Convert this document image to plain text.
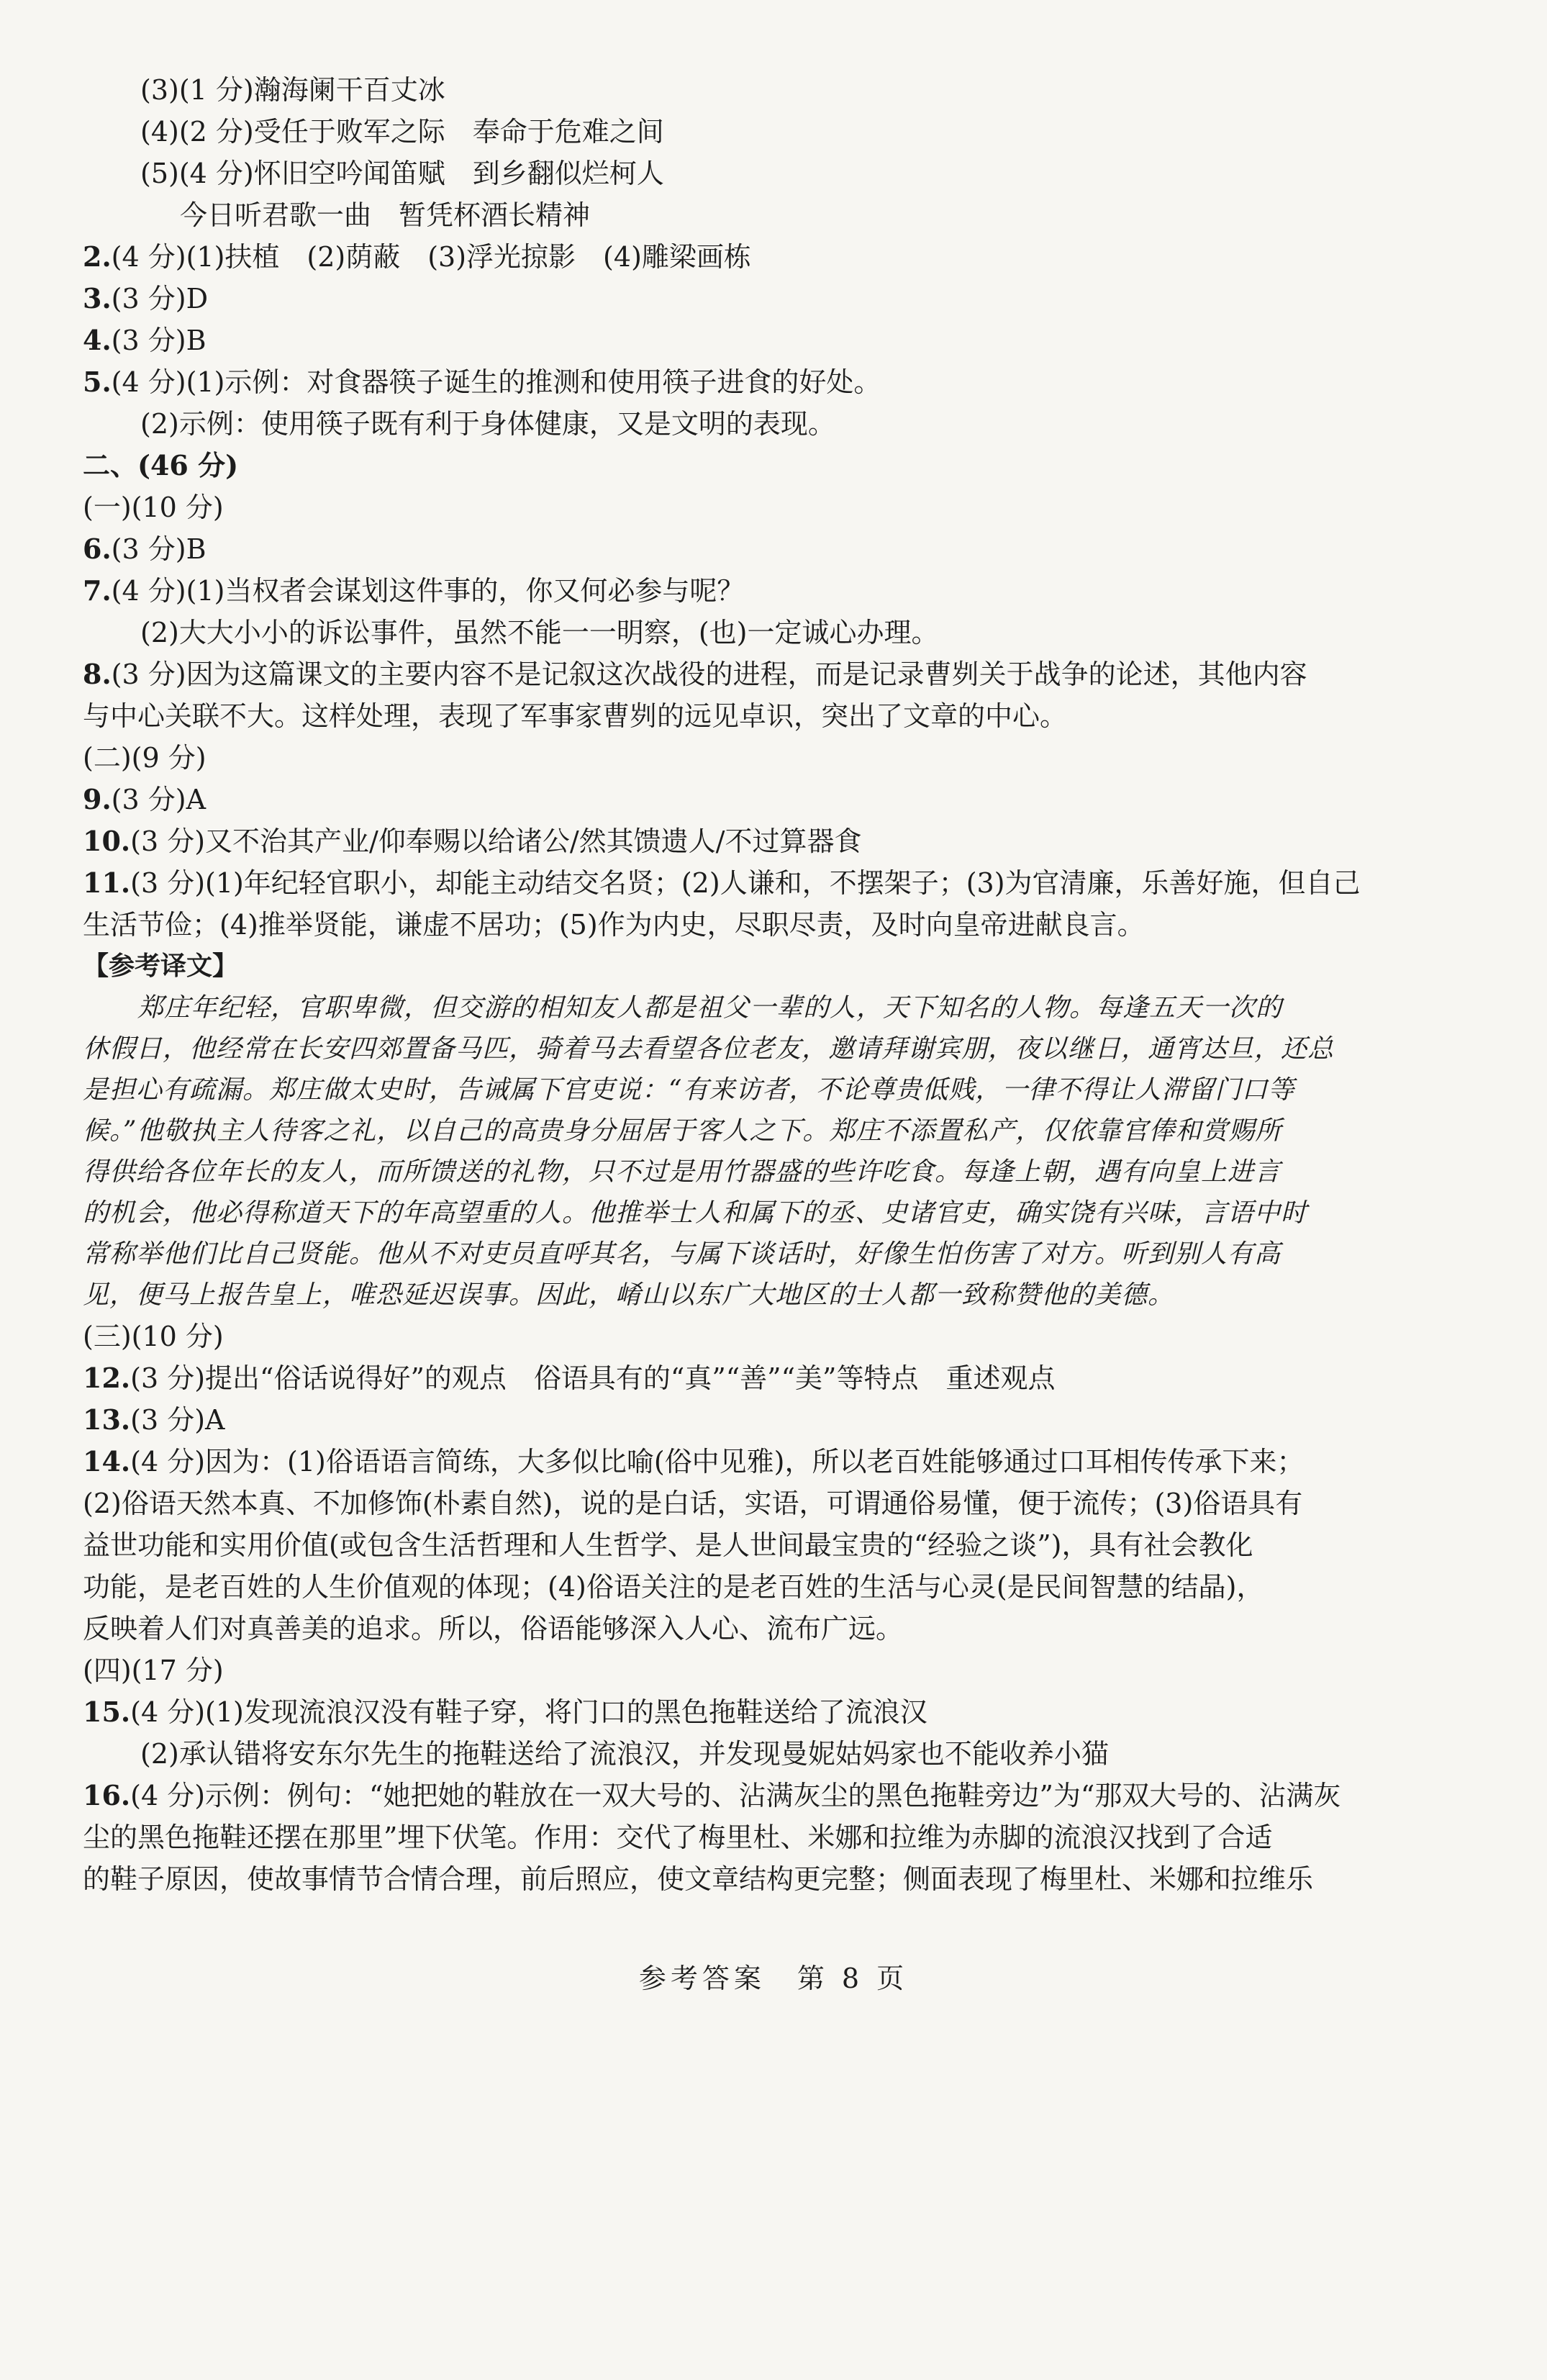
(3)(1 分)瀚海阑干百丈冰
(4)(2 分)受任于败军之际　奉命于危难之间
(5)(4 分)怀旧空吟闻笛赋　到乡翻似烂柯人
今日听君歌一曲　暂凭杯酒长精神
2.(4 分)(1)扶植　(2)荫蔽　(3)浮光掠影　(4)雕梁画栋
3.(3 分)D
4.(3 分)B
5.(4 分)(1)示例：对食器筷子诞生的推测和使用筷子进食的好处。
(2)示例：使用筷子既有利于身体健康，又是文明的表现。
二、(46 分)
(一)(10 分)
6.(3 分)B
7.(4 分)(1)当权者会谋划这件事的，你又何必参与呢？
(2)大大小小的诉讼事件，虽然不能一一明察，(也)一定诚心办理。
8.(3 分)因为这篇课文的主要内容不是记叙这次战役的进程，而是记录曹刿关于战争的论述，其他内容
与中心关联不大。这样处理，表现了军事家曹刿的远见卓识，突出了文章的中心。
(二)(9 分)
9.(3 分)A
10.(3 分)又不治其产业/仰奉赐以给诸公/然其馈遗人/不过算器食
11.(3 分)(1)年纪轻官职小，却能主动结交名贤；(2)人谦和，不摆架子；(3)为官清廉，乐善好施，但自己
生活节俭；(4)推举贤能，谦虚不居功；(5)作为内史，尽职尽责，及时向皇帝进献良言。
【参考译文】
郑庄年纪轻，官职卑微，但交游的相知友人都是祖父一辈的人，天下知名的人物。每逢五天一次的
休假日，他经常在长安四郊置备马匹，骑着马去看望各位老友，邀请拜谢宾朋，夜以继日，通宵达旦，还总
是担心有疏漏。郑庄做太史时，告诫属下官吏说：“有来访者，不论尊贵低贱，一律不得让人滞留门口等
候。”他敬执主人待客之礼，以自己的高贵身分屈居于客人之下。郑庄不添置私产，仅依靠官俸和赏赐所
得供给各位年长的友人，而所馈送的礼物，只不过是用竹器盛的些许吃食。每逢上朝，遇有向皇上进言
的机会，他必得称道天下的年高望重的人。他推举士人和属下的丞、史诸官吏，确实饶有兴味，言语中时
常称举他们比自己贤能。他从不对吏员直呼其名，与属下谈话时，好像生怕伤害了对方。听到别人有高
见，便马上报告皇上，唯恐延迟误事。因此，崤山以东广大地区的士人都一致称赞他的美德。
(三)(10 分)
12.(3 分)提出“俗话说得好”的观点　俗语具有的“真”“善”“美”等特点　重述观点
13.(3 分)A
14.(4 分)因为：(1)俗语语言简练，大多似比喻(俗中见雅)，所以老百姓能够通过口耳相传传承下来；
(2)俗语天然本真、不加修饰(朴素自然)，说的是白话，实语，可谓通俗易懂，便于流传；(3)俗语具有
益世功能和实用价值(或包含生活哲理和人生哲学、是人世间最宝贵的“经验之谈”)，具有社会教化
功能，是老百姓的人生价值观的体现；(4)俗语关注的是老百姓的生活与心灵(是民间智慧的结晶)，
反映着人们对真善美的追求。所以，俗语能够深入人心、流布广远。
(四)(17 分)
15.(4 分)(1)发现流浪汉没有鞋子穿，将门口的黑色拖鞋送给了流浪汉
(2)承认错将安东尔先生的拖鞋送给了流浪汉，并发现曼妮姑妈家也不能收养小猫
16.(4 分)示例：例句：“她把她的鞋放在一双大号的、沾满灰尘的黑色拖鞋旁边”为“那双大号的、沾满灰
尘的黑色拖鞋还摆在那里”埋下伏笔。作用：交代了梅里杜、米娜和拉维为赤脚的流浪汉找到了合适
的鞋子原因，使故事情节合情合理，前后照应，使文章结构更完整；侧面表现了梅里杜、米娜和拉维乐
参考答案　第 8 页
